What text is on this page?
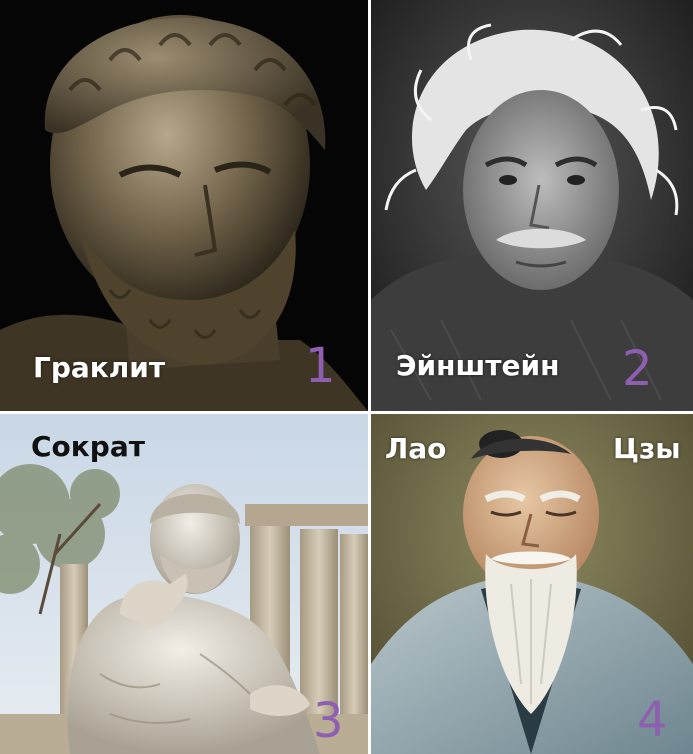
Граклит	1 Эйнштейн 2
Сократ
3
Лао	Цзы
4
